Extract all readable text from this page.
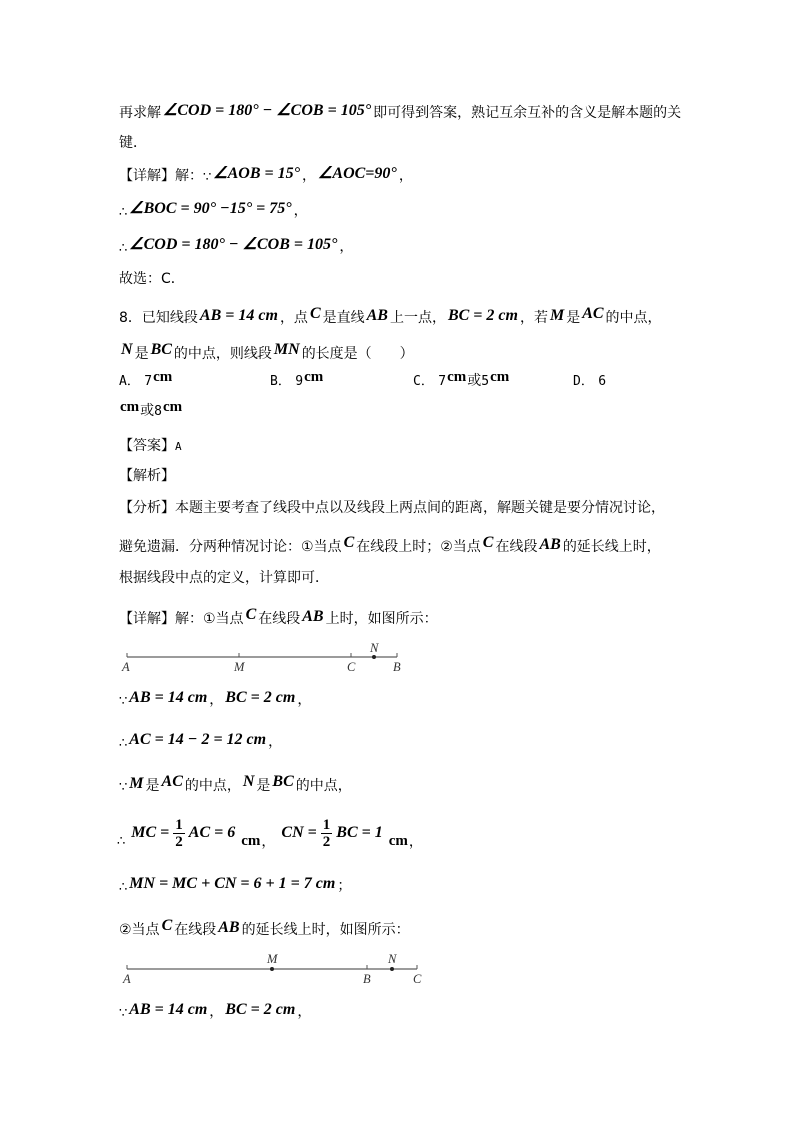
再求解 ∠COD = 180° − ∠COB = 105° 即可得到答案，熟记互余互补的含义是解本题的关
键．
【详解】解：∵ ∠AOB = 15° ， ∠AOC=90° ，
∴ ∠BOC = 90° −15° = 75° ，
∴ ∠COD = 180° − ∠COB = 105° ，
故选：C．
8．已知线段 AB = 14 cm ，点 C 是直线 AB 上一点， BC = 2 cm ，若 M 是 AC 的中点，
N 是 BC 的中点，则线段 MN 的长度是（　　）
A． 7cm	B． 9cm	C． 7cm或5cm	D． 6
cm或8cm
【答案】A
【解析】
【分析】本题主要考查了线段中点以及线段上两点间的距离，解题关键是要分情况讨论，
避免遗漏．分两种情况讨论：①当点 C 在线段上时；②当点 C 在线段 AB 的延长线上时，
根据线段中点的定义，计算即可．
【详解】解：①当点 C 在线段 AB 上时，如图所示：
A	M	C
N
B
∵ AB = 14 cm ， BC = 2 cm ，
∴ AC = 14 − 2 = 12 cm ，
∵ M 是 AC 的中点， N 是 BC 的中点，
∴ MC = $\frac{1}{2}$ AC = 6 cm ，
CN = $\frac{1}{2}$ BC = 1 cm ，
∴ MN = MC + CN = 6 + 1 = 7 cm ；
②当点 C 在线段 AB 的延长线上时，如图所示：
A
M
B
N
C
∵ AB = 14 cm ， BC = 2 cm ，
